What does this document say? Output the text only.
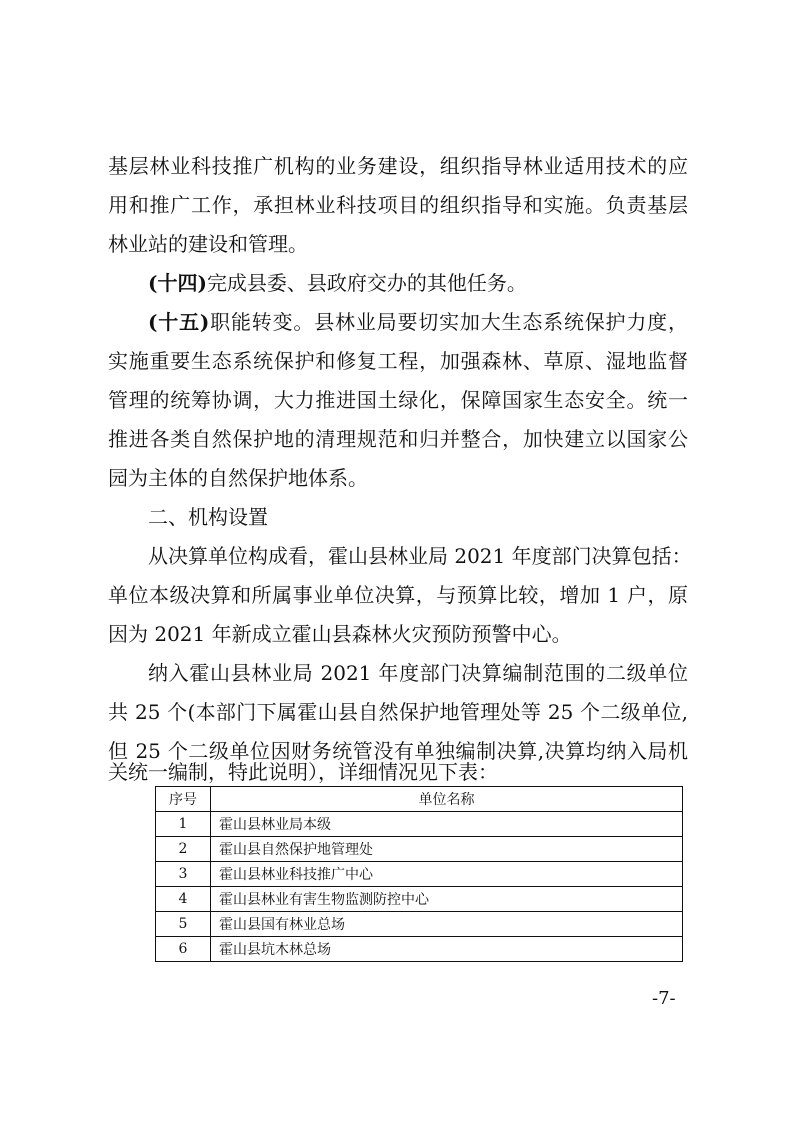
基层林业科技推广机构的业务建设，组织指导林业适用技术的应
用和推广工作，承担林业科技项目的组织指导和实施。负责基层
林业站的建设和管理。
(十四)完成县委、县政府交办的其他任务。
(十五)职能转变。县林业局要切实加大生态系统保护力度，
实施重要生态系统保护和修复工程，加强森林、草原、湿地监督
管理的统筹协调，大力推进国土绿化，保障国家生态安全。统一
推进各类自然保护地的清理规范和归并整合，加快建立以国家公
园为主体的自然保护地体系。
二、机构设置
从决算单位构成看，霍山县林业局 2021 年度部门决算包括：
单位本级决算和所属事业单位决算，与预算比较，增加 1 户，原
因为 2021 年新成立霍山县森林火灾预防预警中心。
纳入霍山县林业局 2021 年度部门决算编制范围的二级单位
共 25 个(本部门下属霍山县自然保护地管理处等 25 个二级单位,
但 25 个二级单位因财务统管没有单独编制决算,决算均纳入局机
关统一编制，特此说明），详细情况见下表：
序号	单位名称
1	霍山县林业局本级
2	霍山县自然保护地管理处
3	霍山县林业科技推广中心
4	霍山县林业有害生物监测防控中心
5	霍山县国有林业总场
6	霍山县坑木林总场
-7-
